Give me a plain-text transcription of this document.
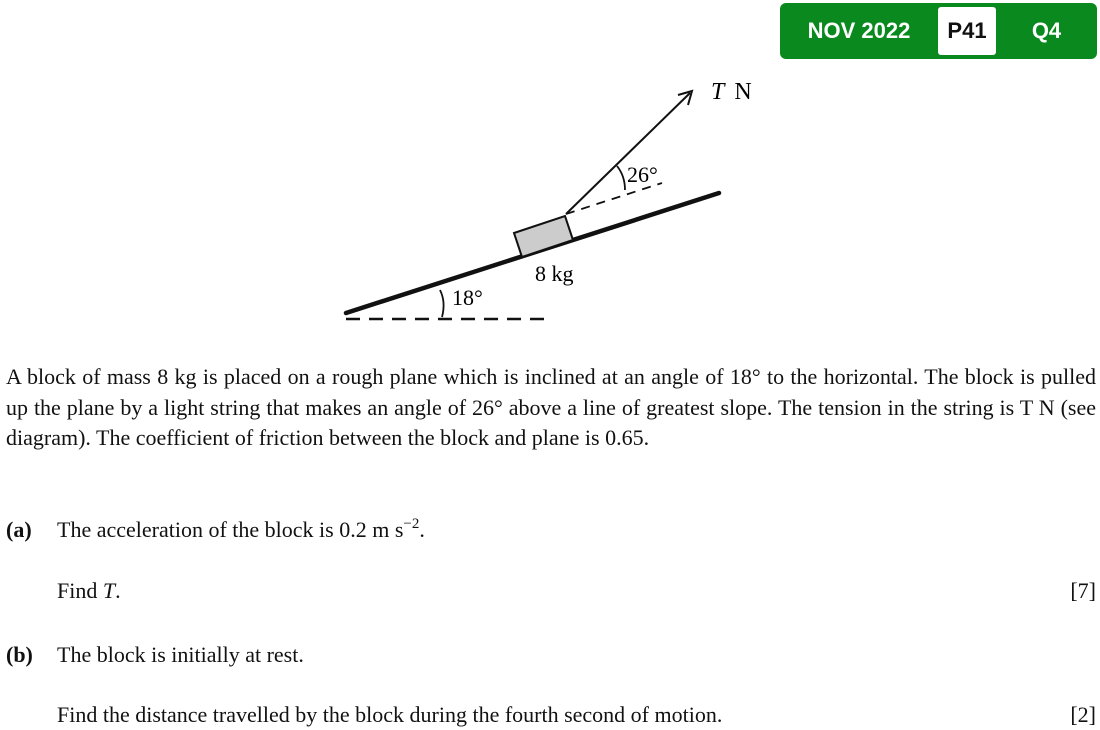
NOV 2022	P41	Q4
18°
8 kg
26°
T N
A block of mass 8 kg is placed on a rough plane which is inclined at an angle of 18° to the horizontal. The block is pulled up the plane by a light string that makes an angle of 26° above a line of greatest slope. The tension in the string is T N (see diagram). The coefficient of friction between the block and plane is 0.65.
(a) The acceleration of the block is 0.2 m $s^{-2}$.
Find T.	[7]
(b) The block is initially at rest.
Find the distance travelled by the block during the fourth second of motion.	[2]
